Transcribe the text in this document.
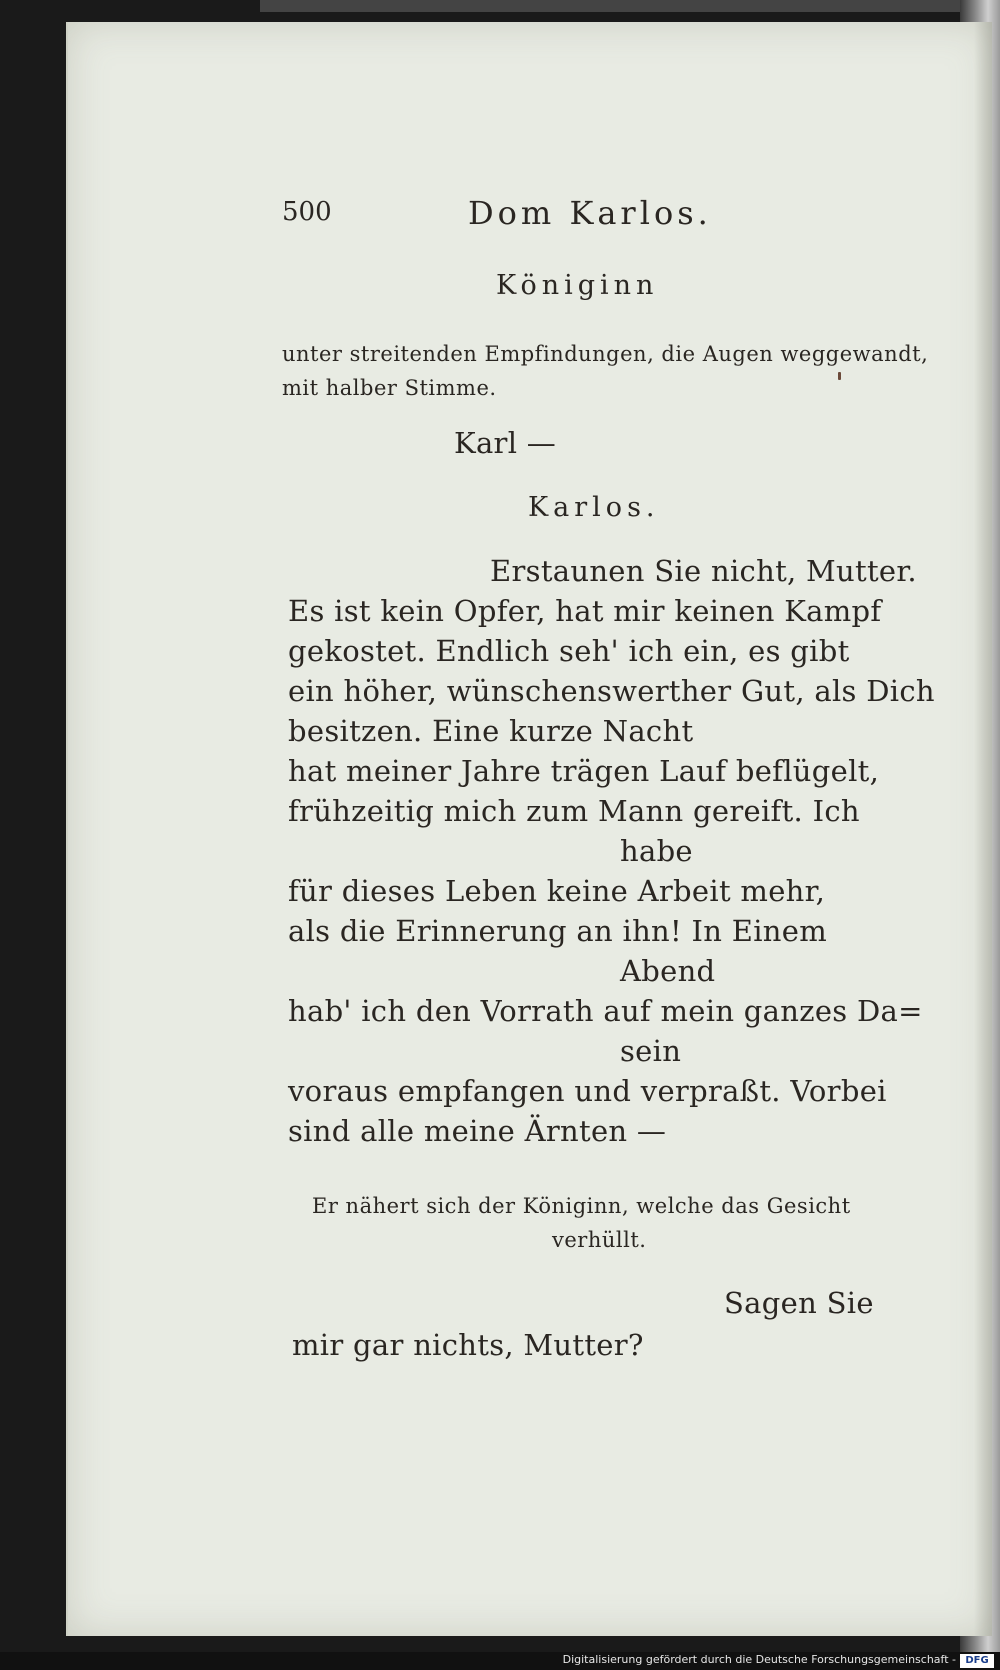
500	Dom Karlos.
Königinn
unter streitenden Empfindungen, die Augen weggewandt,
mit halber Stimme.
Karl —
Karlos.
Erstaunen Sie nicht, Mutter.
Es ist kein Opfer, hat mir keinen Kampf
gekostet. Endlich seh' ich ein, es gibt
ein höher, wünschenswerther Gut, als Dich
besitzen. Eine kurze Nacht
hat meiner Jahre trägen Lauf beflügelt,
frühzeitig mich zum Mann gereift. Ich
habe
für dieses Leben keine Arbeit mehr,
als die Erinnerung an ihn! In Einem
Abend
hab' ich den Vorrath auf mein ganzes Da=
sein
voraus empfangen und verpraßt. Vorbei
sind alle meine Ärnten —
Er nähert sich der Königinn, welche das Gesicht
verhüllt.
Sagen Sie
mir gar nichts, Mutter?
Digitalisierung gefördert durch die Deutsche Forschungsgemeinschaft - DFG
